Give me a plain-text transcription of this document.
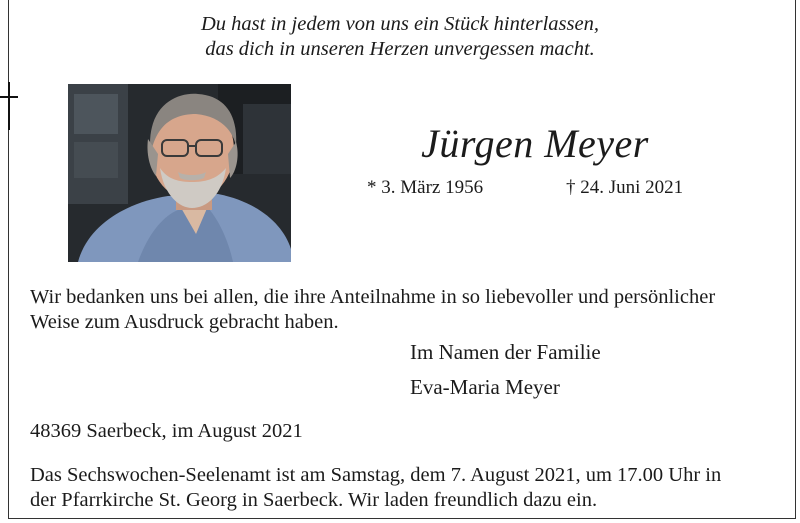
Du hast in jedem von uns ein Stück hinterlassen,
das dich in unseren Herzen unvergessen macht.
Jürgen Meyer
* 3. März 1956	† 24. Juni 2021
Wir bedanken uns bei allen, die ihre Anteilnahme in so liebevoller und persönlicher
Weise zum Ausdruck gebracht haben.
Im Namen der Familie
Eva-Maria Meyer
48369 Saerbeck, im August 2021
Das Sechswochen-Seelenamt ist am Samstag, dem 7. August 2021, um 17.00 Uhr in
der Pfarrkirche St. Georg in Saerbeck. Wir laden freundlich dazu ein.
